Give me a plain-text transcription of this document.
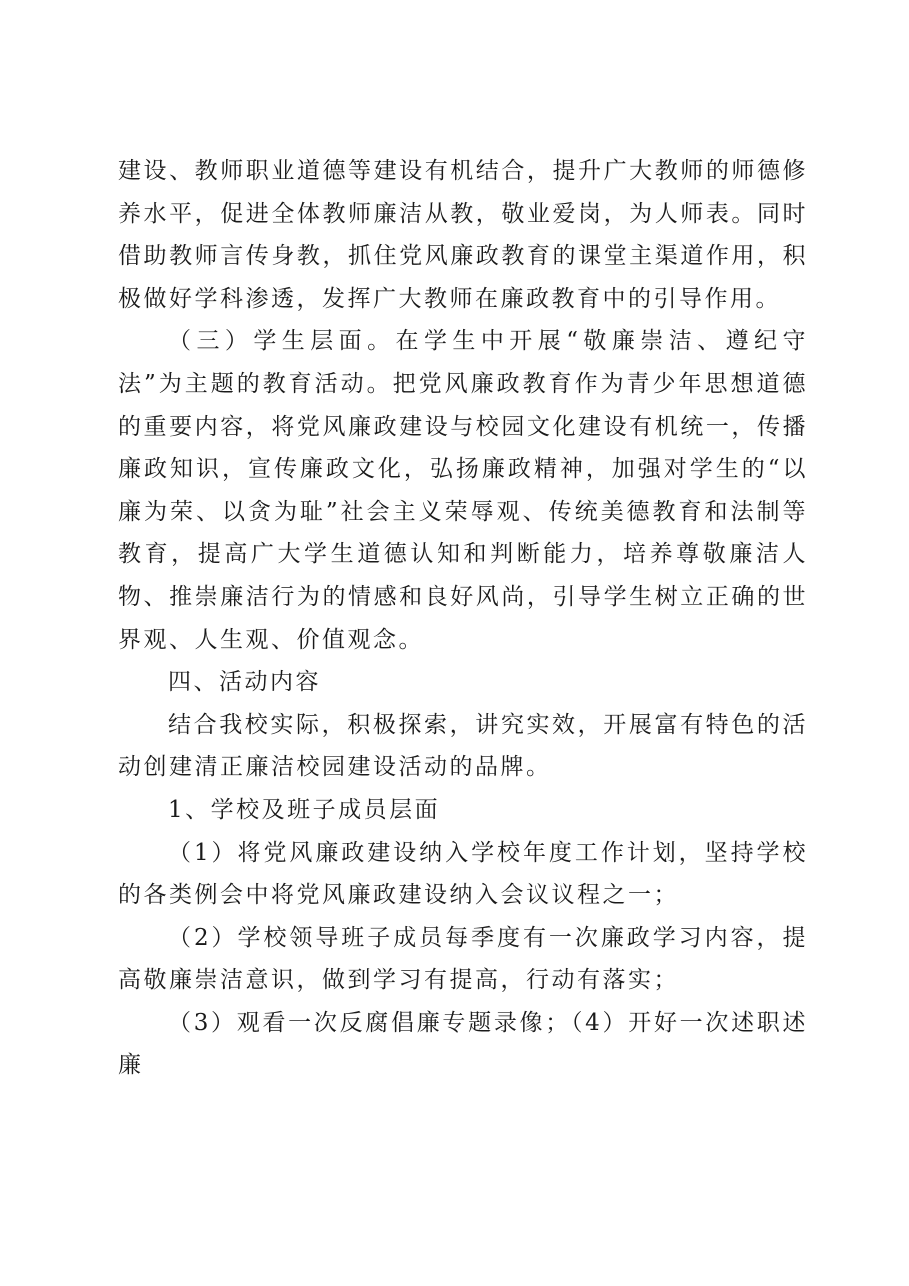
建设、教师职业道德等建设有机结合，提升广大教师的师德修养水平，促进全体教师廉洁从教，敬业爱岗，为人师表。同时借助教师言传身教，抓住党风廉政教育的课堂主渠道作用，积极做好学科渗透，发挥广大教师在廉政教育中的引导作用。

（三）学生层面。在学生中开展“敬廉崇洁、遵纪守法”为主题的教育活动。把党风廉政教育作为青少年思想道德的重要内容，将党风廉政建设与校园文化建设有机统一，传播廉政知识，宣传廉政文化，弘扬廉政精神，加强对学生的“以廉为荣、以贪为耻”社会主义荣辱观、传统美德教育和法制等教育，提高广大学生道德认知和判断能力，培养尊敬廉洁人物、推崇廉洁行为的情感和良好风尚，引导学生树立正确的世界观、人生观、价值观念。

四、活动内容

结合我校实际，积极探索，讲究实效，开展富有特色的活动创建清正廉洁校园建设活动的品牌。

1、学校及班子成员层面

（1）将党风廉政建设纳入学校年度工作计划，坚持学校的各类例会中将党风廉政建设纳入会议议程之一；

（2）学校领导班子成员每季度有一次廉政学习内容，提高敬廉崇洁意识，做到学习有提高，行动有落实；

（3）观看一次反腐倡廉专题录像；（4）开好一次述职述廉
